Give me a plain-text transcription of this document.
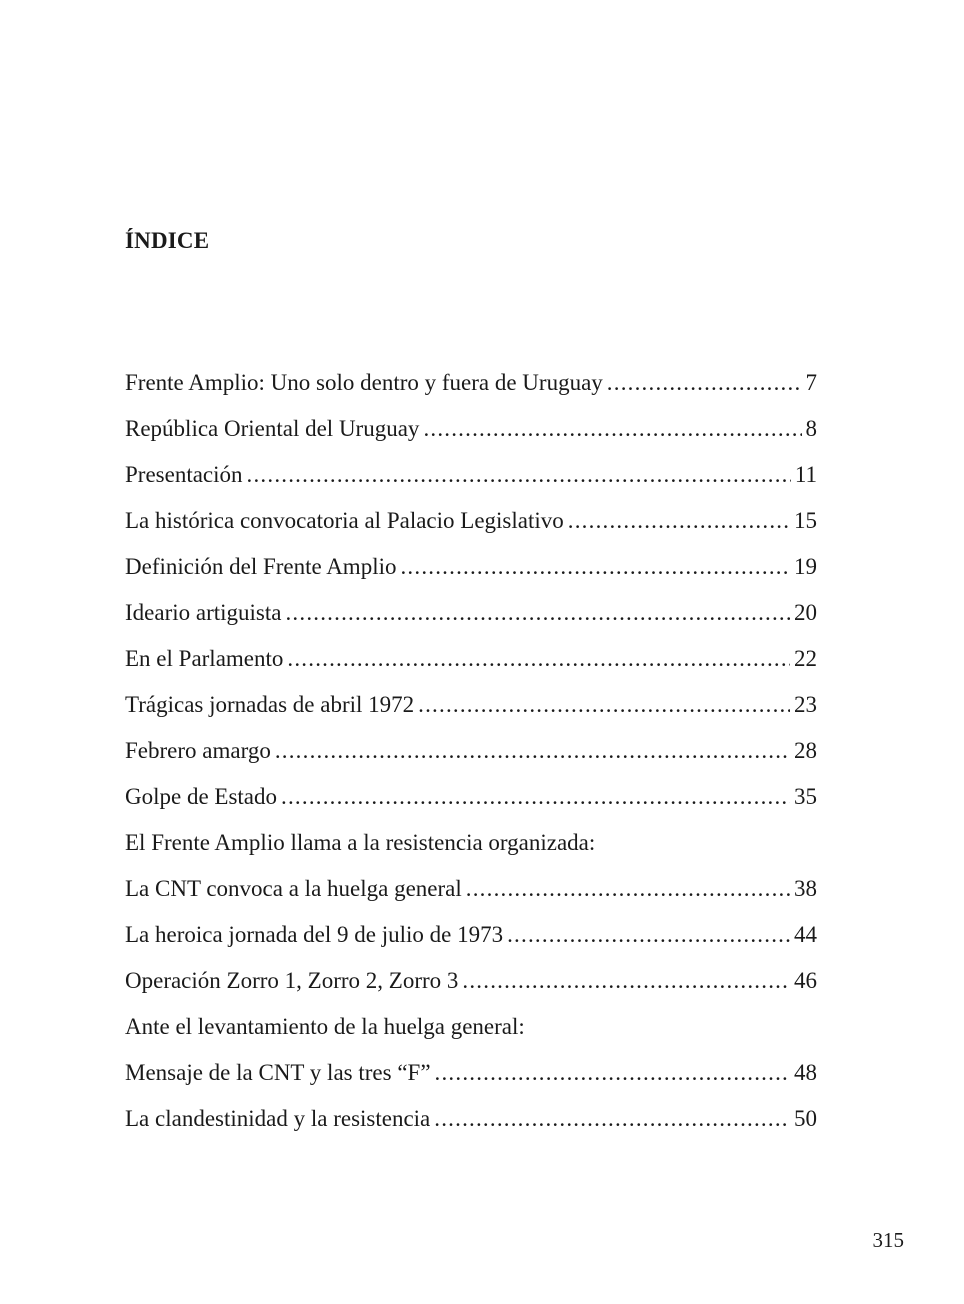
ÍNDICE
Frente Amplio: Uno solo dentro y fuera de Uruguay .....	7
República Oriental del Uruguay .....	8
Presentación .....	11
La histórica convocatoria al Palacio Legislativo .....	15
Definición del Frente Amplio .....	19
Ideario artiguista .....	20
En el Parlamento .....	22
Trágicas jornadas de abril 1972 .....	23
Febrero amargo .....	28
Golpe de Estado .....	35
El Frente Amplio llama a la resistencia organizada:
La CNT convoca a la huelga general .....	38
La heroica jornada del 9 de julio de 1973 .....	44
Operación Zorro 1, Zorro 2, Zorro 3 .....	46
Ante el levantamiento de la huelga general:
Mensaje de la CNT y las tres “F” .....	48
La clandestinidad y la resistencia .....	50

315
